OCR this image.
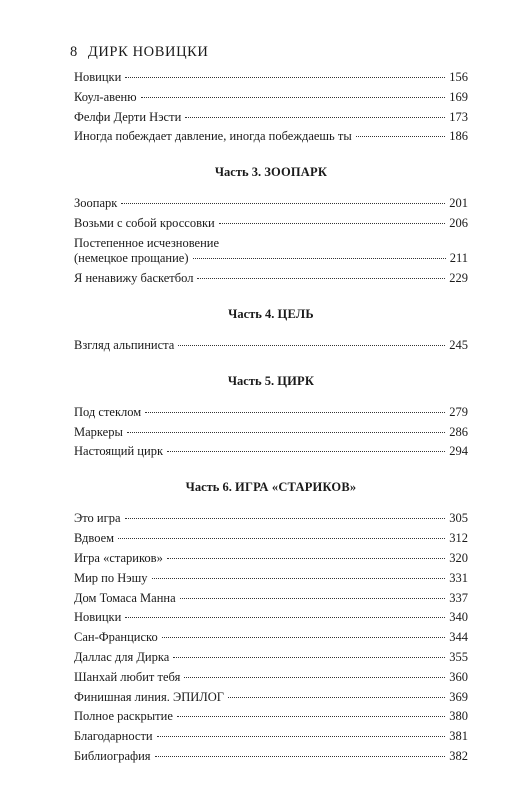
8 ДИРК НОВИЦКИ
Новицки	156
Коул-авеню	169
Фелфи Дерти Нэсти	173
Иногда побеждает давление, иногда побеждаешь ты	186
Часть 3. ЗООПАРК
Зоопарк	201
Возьми с собой кроссовки	206
Постепенное исчезновение
(немецкое прощание)	211
Я ненавижу баскетбол	229
Часть 4. ЦЕЛЬ
Взгляд альпиниста	245
Часть 5. ЦИРК
Под стеклом	279
Маркеры	286
Настоящий цирк	294
Часть 6. ИГРА «СТАРИКОВ»
Это игра	305
Вдвоем	312
Игра «стариков»	320
Мир по Нэшу	331
Дом Томаса Манна	337
Новицки	340
Сан-Франциско	344
Даллас для Дирка	355
Шанхай любит тебя	360
Финишная линия. ЭПИЛОГ	369
Полное раскрытие	380
Благодарности	381
Библиография	382
